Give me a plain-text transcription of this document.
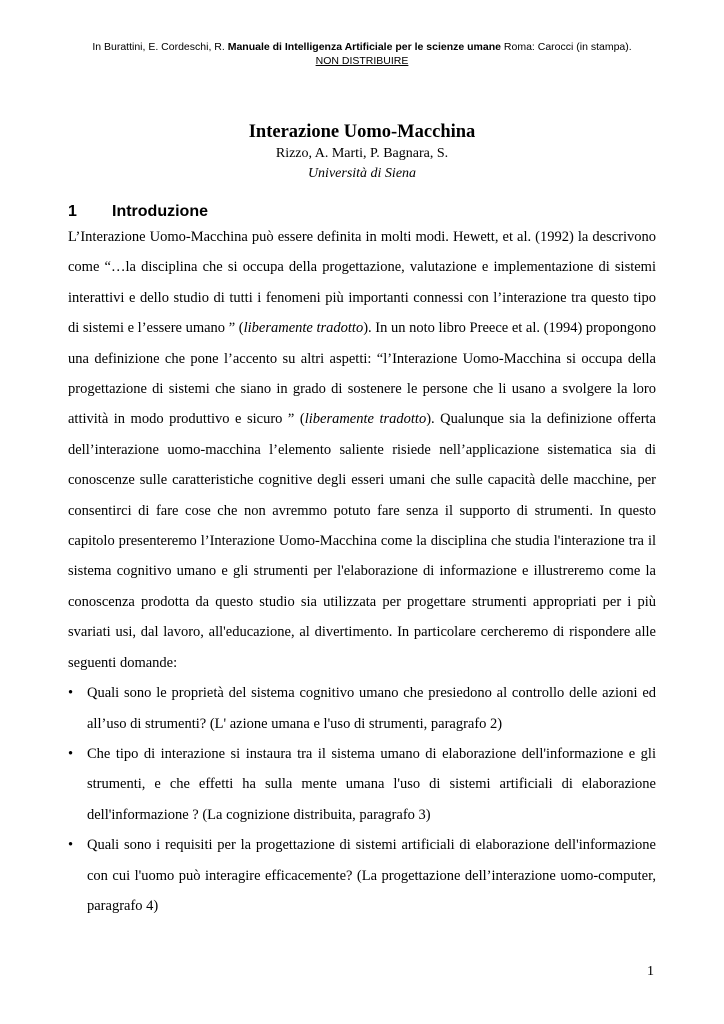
In Burattini, E. Cordeschi, R. Manuale di Intelligenza Artificiale per le scienze umane Roma: Carocci (in stampa).
NON DISTRIBUIRE

Interazione Uomo-Macchina

Rizzo, A. Marti, P. Bagnara, S.

Università di Siena

1 Introduzione

L’Interazione Uomo-Macchina può essere definita in molti modi. Hewett, et al. (1992) la descrivono come “…la disciplina che si occupa della progettazione, valutazione e implementazione di sistemi interattivi e dello studio di tutti i fenomeni più importanti connessi con l’interazione tra questo tipo di sistemi e l’essere umano ” (liberamente tradotto). In un noto libro Preece et al. (1994) propongono una definizione che pone l’accento su altri aspetti: “l’Interazione Uomo-Macchina si occupa della progettazione di sistemi che siano in grado di sostenere le persone che li usano a svolgere la loro attività in modo produttivo e sicuro ” (liberamente tradotto). Qualunque sia la definizione offerta dell’interazione uomo-macchina l’elemento saliente risiede nell’applicazione sistematica sia di conoscenze sulle caratteristiche cognitive degli esseri umani che sulle capacità delle macchine, per consentirci di fare cose che non avremmo potuto fare senza il supporto di strumenti. In questo capitolo presenteremo l’Interazione Uomo-Macchina come la disciplina che studia l'interazione tra il sistema cognitivo umano e gli strumenti per l'elaborazione di informazione e illustreremo come la conoscenza prodotta da questo studio sia utilizzata per progettare strumenti appropriati per i più svariati usi, dal lavoro, all'educazione, al divertimento. In particolare cercheremo di rispondere alle seguenti domande:

• Quali sono le proprietà del sistema cognitivo umano che presiedono al controllo delle azioni ed all’uso di strumenti? (L' azione umana e l'uso di strumenti, paragrafo 2)
• Che tipo di interazione si instaura tra il sistema umano di elaborazione dell'informazione e gli strumenti, e che effetti ha sulla mente umana l'uso di sistemi artificiali di elaborazione dell'informazione ? (La cognizione distribuita, paragrafo 3)
• Quali sono i requisiti per la progettazione di sistemi artificiali di elaborazione dell'informazione con cui l'uomo può interagire efficacemente? (La progettazione dell’interazione uomo-computer, paragrafo 4)
1
